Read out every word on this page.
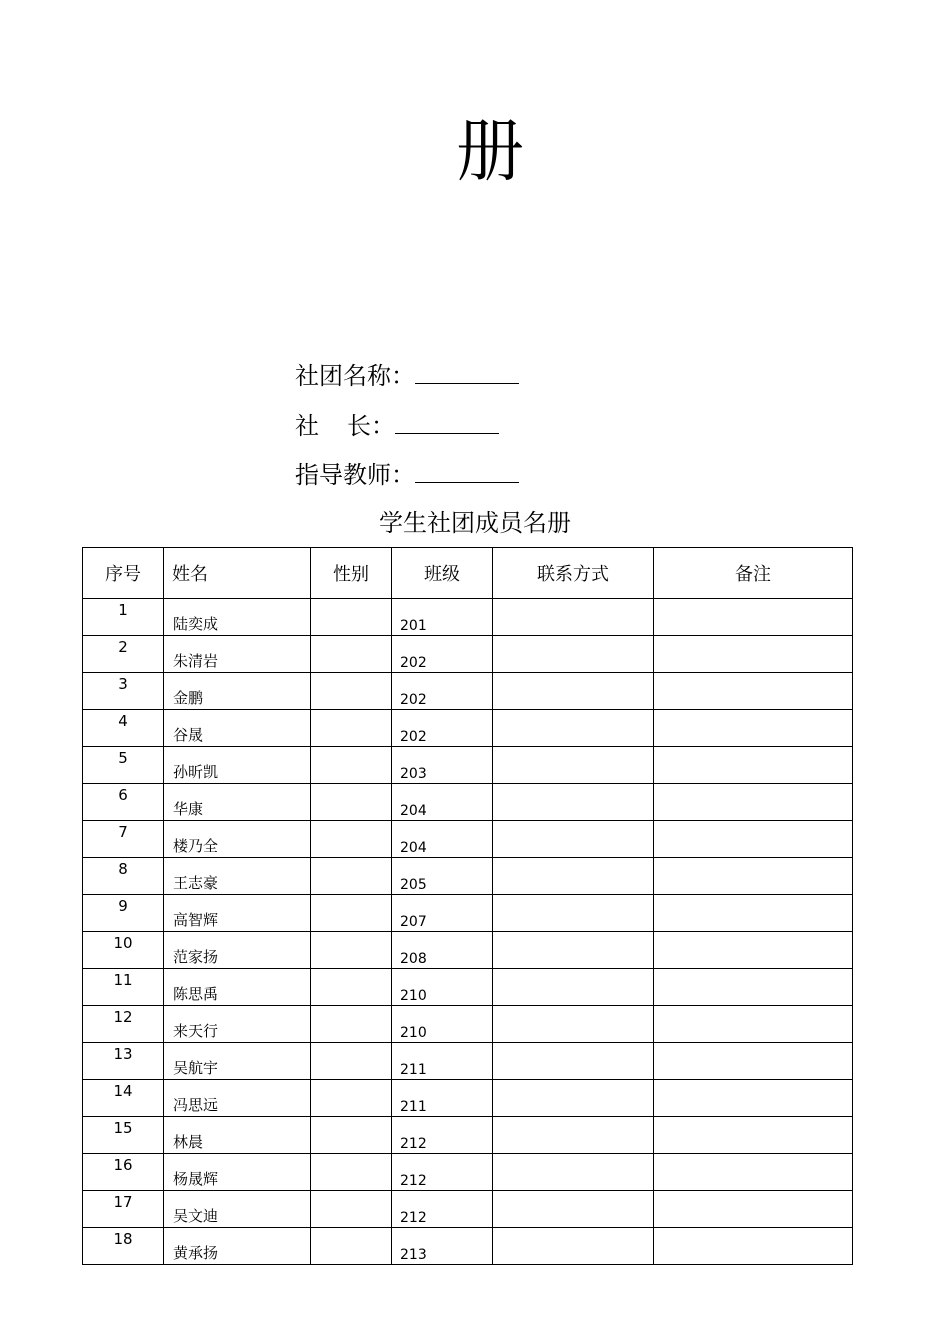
册
社团名称：
社 长：
指导教师：
学生社团成员名册
序号	姓名	性别	班级	联系方式	备注
1	陆奕成		201		
2	朱清岩		202		
3	金鹏		202		
4	谷晟		202		
5	孙昕凯		203		
6	华康		204		
7	楼乃全		204		
8	王志豪		205		
9	高智辉		207		
10	范家扬		208		
11	陈思禹		210		
12	来天行		210		
13	吴航宇		211		
14	冯思远		211		
15	林晨		212		
16	杨晟辉		212		
17	吴文迪		212		
18	黄承扬		213		
